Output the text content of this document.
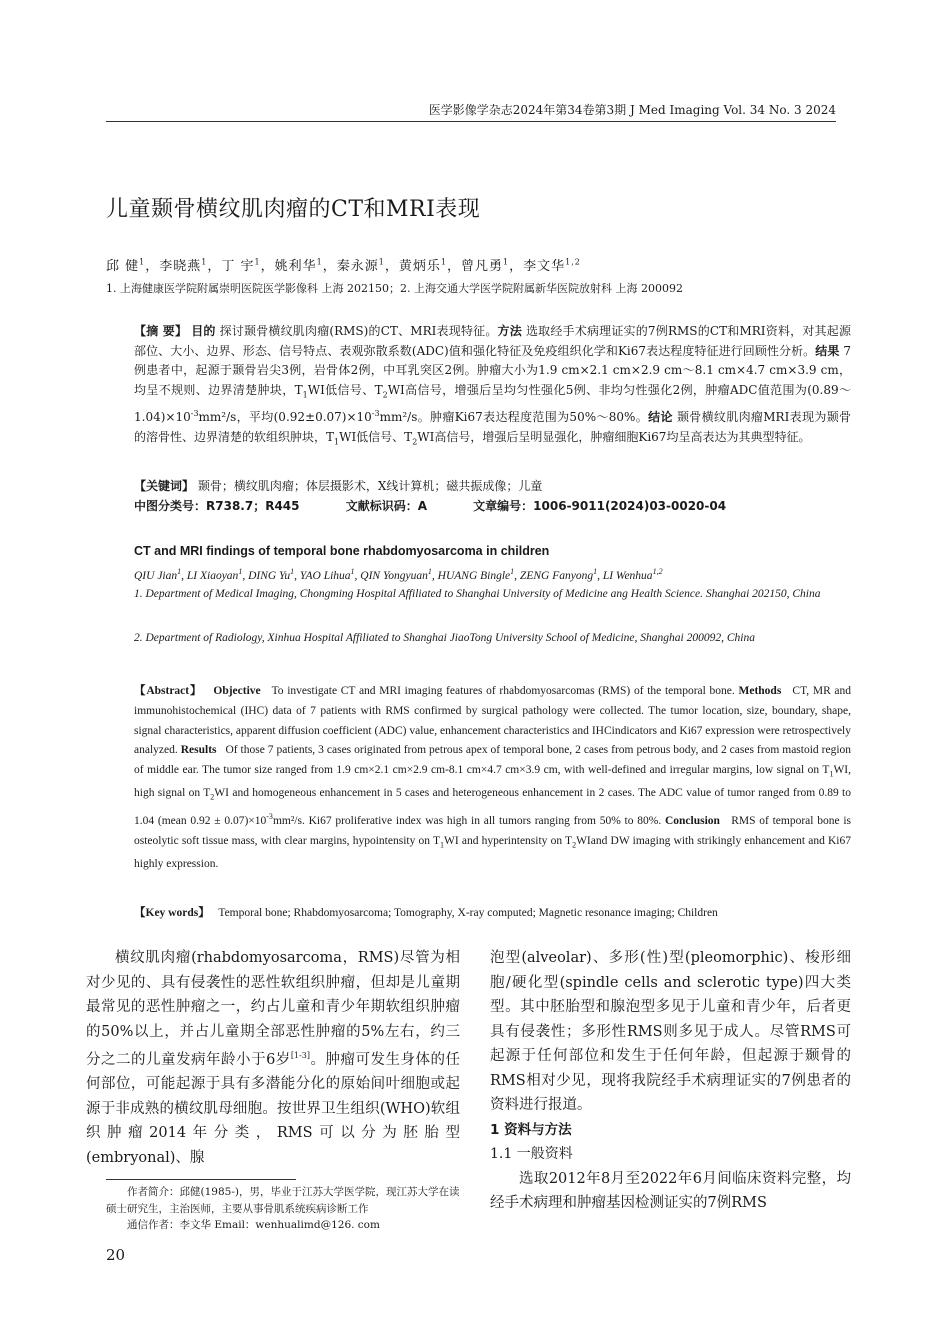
医学影像学杂志2024年第34卷第3期 J Med Imaging Vol. 34 No. 3 2024
儿童颞骨横纹肌肉瘤的CT和MRI表现
邱 健$^1$，李晓燕$^1$，丁 宇$^1$，姚利华$^1$，秦永源$^1$，黄炳乐$^1$，曾凡勇$^1$，李文华$^{1,2}$
1. 上海健康医学院附属崇明医院医学影像科 上海 202150；2. 上海交通大学医学院附属新华医院放射科 上海 200092
【摘 要】 目的 探讨颞骨横纹肌肉瘤(RMS)的CT、MRI表现特征。方法 选取经手术病理证实的7例RMS的CT和MRI资料，对其起源部位、大小、边界、形态、信号特点、表观弥散系数(ADC)值和强化特征及免疫组织化学和Ki67表达程度特征进行回顾性分析。结果 7例患者中，起源于颞骨岩尖3例，岩骨体2例，中耳乳突区2例。肿瘤大小为1.9 cm×2.1 cm×2.9 cm～8.1 cm×4.7 cm×3.9 cm，均呈不规则、边界清楚肿块，$T_1WI$低信号、$T_2WI$高信号，增强后呈均匀性强化5例、非均匀性强化2例，肿瘤ADC值范围为$(0.89\sim 1.04)\times 10^{-3}mm^2/s$，平均$(0.92\pm 0.07)\times 10^{-3}mm^2/s$。肿瘤Ki67表达程度范围为50%～80%。结论 颞骨横纹肌肉瘤MRI表现为颞骨的溶骨性、边界清楚的软组织肿块，$T_1WI$低信号、$T_2WI$高信号，增强后呈明显强化，肿瘤细胞Ki67均呈高表达为其典型特征。
【关键词】 颞骨；横纹肌肉瘤；体层摄影术，X线计算机；磁共振成像；儿童
中图分类号：R738.7；R445	文献标识码：A	文章编号：1006-9011(2024)03-0020-04
CT and MRI findings of temporal bone rhabdomyosarcoma in children
QIU Jian$^1$, LI Xiaoyan$^1$, DING Yu$^1$, YAO Lihua$^1$, QIN Yongyuan$^1$, HUANG Bingle$^1$, ZENG Fanyong$^1$, LI Wenhua$^{1,2}$
1. Department of Medical Imaging, Chongming Hospital Affiliated to Shanghai University of Medicine ang Health Science. Shanghai 202150, China
2. Department of Radiology, Xinhua Hospital Affiliated to Shanghai JiaoTong University School of Medicine, Shanghai 200092, China
【Abstract】 Objective To investigate CT and MRI imaging features of rhabdomyosarcomas (RMS) of the temporal bone. Methods CT, MR and immunohistochemical (IHC) data of 7 patients with RMS confirmed by surgical pathology were collected. The tumor location, size, boundary, shape, signal characteristics, apparent diffusion coefficient (ADC) value, enhancement characteristics and IHCindicators and Ki67 expression were retrospectively analyzed. Results Of those 7 patients, 3 cases originated from petrous apex of temporal bone, 2 cases from petrous body, and 2 cases from mastoid region of middle ear. The tumor size ranged from 1.9 cm×2.1 cm×2.9 cm-8.1 cm×4.7 cm×3.9 cm, with well-defined and irregular margins, low signal on $T_1WI$, high signal on $T_2WI$ and homogeneous enhancement in 5 cases and heterogeneous enhancement in 2 cases. The ADC value of tumor ranged from 0.89 to 1.04 (mean $0.92 \pm 0.07)\times 10^{-3}mm^2/s$. Ki67 proliferative index was high in all tumors ranging from 50% to 80%. Conclusion RMS of temporal bone is osteolytic soft tissue mass, with clear margins, hypointensity on $T_1WI$ and hyperintensity on $T_2WIand$ DW imaging with strikingly enhancement and Ki67 highly expression.
【Key words】 Temporal bone; Rhabdomyosarcoma; Tomography, X-ray computed; Magnetic resonance imaging; Children

横纹肌肉瘤(rhabdomyosarcoma，RMS)尽管为相对少见的、具有侵袭性的恶性软组织肿瘤，但却是儿童期最常见的恶性肿瘤之一，约占儿童和青少年期软组织肿瘤的50%以上，并占儿童期全部恶性肿瘤的5%左右，约三分之二的儿童发病年龄小于6岁[1-3]。肿瘤可发生身体的任何部位，可能起源于具有多潜能分化的原始间叶细胞或起源于非成熟的横纹肌母细胞。按世界卫生组织(WHO)软组织肿瘤2014年分类，RMS可以分为胚胎型(embryonal)、腺

泡型(alveolar)、多形(性)型(pleomorphic)、梭形细胞/硬化型(spindle cells and sclerotic type)四大类型。其中胚胎型和腺泡型多见于儿童和青少年，后者更具有侵袭性；多形性RMS则多见于成人。尽管RMS可起源于任何部位和发生于任何年龄，但起源于颞骨的RMS相对少见，现将我院经手术病理证实的7例患者的资料进行报道。

1 资料与方法

1.1 一般资料

选取2012年8月至2022年6月间临床资料完整，均经手术病理和肿瘤基因检测证实的7例RMS

作者简介：邱健(1985-)，男，毕业于江苏大学医学院，现江苏大学在读硕士研究生，主治医师，主要从事骨肌系统疾病诊断工作

通信作者：李文华 Email：wenhualimd@126. com

20
